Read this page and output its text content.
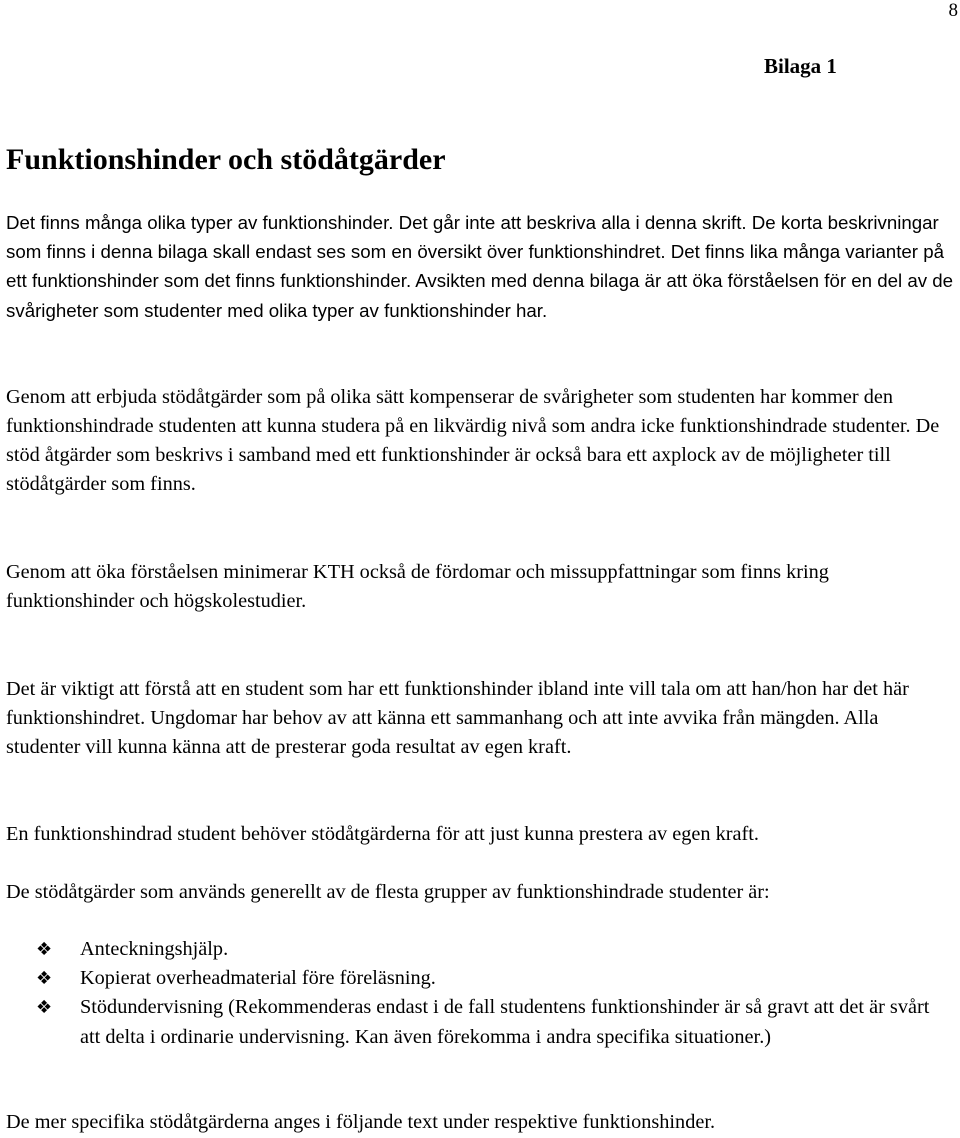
8
Bilaga 1
Funktionshinder och stödåtgärder

Det finns många olika typer av funktionshinder. Det går inte att beskriva alla i denna skrift. De korta beskrivningar som finns i denna bilaga skall endast ses som en översikt över funktionshindret. Det finns lika många varianter på ett funktionshinder som det finns funktionshinder. Avsikten med denna bilaga är att öka förståelsen för en del av de svårigheter som studenter med olika typer av funktionshinder har.

Genom att erbjuda stödåtgärder som på olika sätt kompenserar de svårigheter som studenten har kommer den funktionshindrade studenten att kunna studera på en likvärdig nivå som andra icke funktionshindrade studenter. De stöd åtgärder som beskrivs i samband med ett funktionshinder är också bara ett axplock av de möjligheter till stödåtgärder som finns.

Genom att öka förståelsen minimerar KTH också de fördomar och missuppfattningar som finns kring funktionshinder och högskolestudier.

Det är viktigt att förstå att en student som har ett funktionshinder ibland inte vill tala om att han/hon har det här funktionshindret. Ungdomar har behov av att känna ett sammanhang och att inte avvika från mängden. Alla studenter vill kunna känna att de presterar goda resultat av egen kraft.

En funktionshindrad student behöver stödåtgärderna för att just kunna prestera av egen kraft.

De stödåtgärder som används generellt av de flesta grupper av funktionshindrade studenter är:

❖ Anteckningshjälp.
❖ Kopierat overheadmaterial före föreläsning.
❖ Stödundervisning (Rekommenderas endast i de fall studentens funktionshinder är så gravt att det är svårt att delta i ordinarie undervisning. Kan även förekomma i andra specifika situationer.)

De mer specifika stödåtgärderna anges i följande text under respektive funktionshinder.
